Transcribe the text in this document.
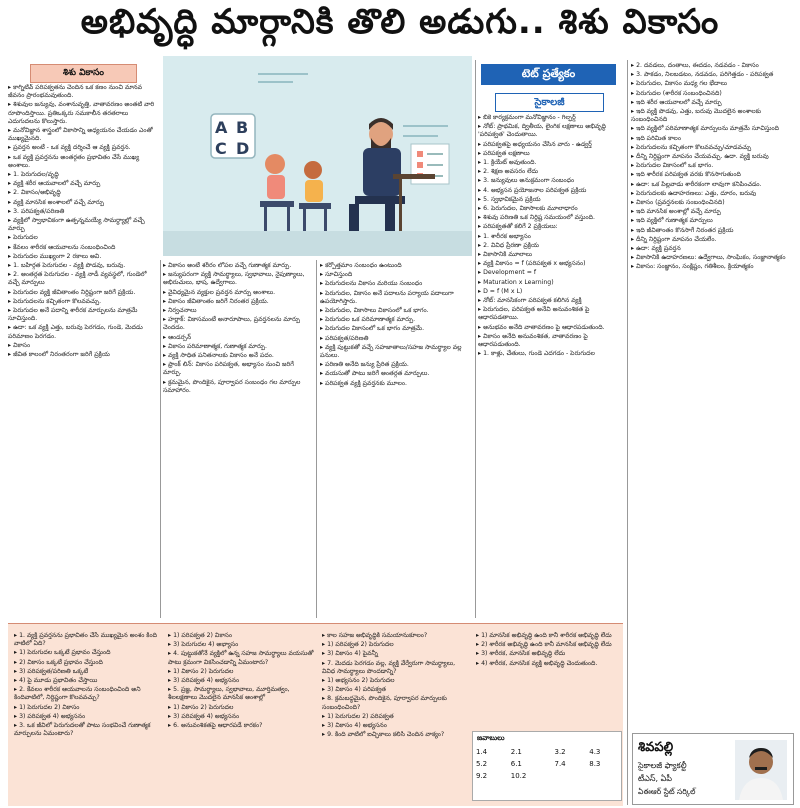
అభివృద్ధి మార్గానికి తొలి అడుగు.. శిశు వికాసం
శిశు వికాసం

▸ కాగ్నిటివ్ పరిపక్వతను చెందిన ఒక కణం నుంచి మానవ జీవనం ప్రారంభమవుతుంది.

▸ శిశువుల జన్యువు, వంశానువృత్తి, వాతావరణం అంతటి వారి రూపొందిస్తాయి. ప్రతిఒక్కరు సమకాలీన తరతరాలు ఎదుగుదలను కొలుస్తారు.

▸ మనోవిజ్ఞాన శాస్త్రంలో వికాసాన్ని అధ్యయనం చేయడం ఎంతో ముఖ్యమైనది.

▸ ప్రవర్తన అంటే - ఒక వ్యక్తి దర్శించే ఆ వ్యక్తి ప్రవర్తన.

▸ ఒక వ్యక్తి ప్రవర్తనను అంతర్గతం ప్రభావితం చేసే ముఖ్య అంశాలు.

▸ 1. పెరుగుదల/వృద్ధి

▸ వ్యక్తి శరీర ఆయవాలలో వచ్చే మార్పు

▸ 2. వికాసం/అభివృద్ధి

▸ వ్యక్తి మానసిక అంశాలలో వచ్చే మార్పు

▸ 3. పరిపక్వత/పరిణతి

▸ వ్యక్తిలో స్వాభావికంగా ఉత్పన్నమయ్యే సామర్థ్యాల్లో వచ్చే మార్పు

▸ పెరుగుదల

▸ కేవలం శారీరక ఆయవాలను సంబంధించింది

▸ పెరుగుదల ముఖ్యంగా 2 రకాలు అవి.

▸ 1. బహిర్గత పెరుగుదల - వ్యక్తి పొడవు, బరువు.

▸ 2. అంతర్గత పెరుగుదల - వ్యక్తి నాడీ వ్యవస్థలో, గుండెలో వచ్చే మార్పులు

▸ పెరుగుదల వ్యక్తి జీవితాంతం నిర్దిష్టంగా జరిగే ప్రక్రియ.

▸ పెరుగుదలను కచ్చితంగా కొలవవచ్చు.

▸ పెరుగుదల అనే పదాన్ని శారీరక మార్పులను మాత్రమే సూచిస్తుంది.

▸ ఉదా: ఒక వ్యక్తి ఎత్తు, బరువు పెరగడం, గుండె, మెదడు పరిమాణం పెరగడం.

▸ వికాసం

▸ జీవిత కాలంలో నిరంతరంగా జరిగే ప్రక్రియ

A B
C D

▸ వికాసం అంటే శరీరం లోపల వచ్చే గుణాత్మక మార్పు.

▸ జన్యుపరంగా వ్యక్తి సామర్థ్యాలు, స్వభావాలు, నైపుణ్యాలు, అభిరుచులు, భాష, ఉద్వేగాలు.

▸ వైవిధ్యమైన వ్యక్తుల ప్రవర్తన మార్పు అంశాలు.

▸ వికాసం జీవితాంతం జరిగే నిరంతర ప్రక్రియ.

▸ నిర్వచనాలు

▸ హర్లాక్: వికాసమంటే అనారూపాలు, ప్రవర్తనలను మార్పు చెందడం.

▸ ఆండర్సన్

▸ వికాసం పరిమాణాత్మక, గుణాత్మక మార్పు.

▸ వ్యక్తి సాధిత పనితనాలకు వికాసం అనే పదం.

▸ ఫ్రాంక్ లిన్: వికాసం పరిపక్వత, అభ్యాసం నుంచి జరిగే మార్పు.

▸ క్రమమైన, పొందికైన, పూర్వాపర సంబంధం గల మార్పుల సమాహారం.

▸ కర్పోత్తమాం సంబంధం ఉంటుంది

▸ సూచిస్తుంది

▸ పెరుగుదలను వికాసం మరియు సంబంధం

▸ పెరుగుదల, వికాసం అనే పదాలను పర్యాయ పదాలుగా ఉపయోగిస్తారు.

▸ పెరుగుదల, వికాసాలు వికాసంలో ఒక భాగం.

▸ పెరుగుదల ఒక పరిమాణాత్మక మార్పు.

▸ పెరుగుదల వికాసంలో ఒక భాగం మాత్రమే.

▸ పరిపక్వత/పరిణతి

▸ వ్యక్తి పుట్టుకతో వచ్చే సహజాతాలు/సహజ సామర్థ్యాల వల్ల పనులు.

▸ పరిణతి అనేది జన్యు ప్రేరిత ప్రక్రియ.

▸ వయసుతో పాటు జరిగే అంతర్గత మార్పులు.

▸ పరిపక్వత వ్యక్తి ప్రవర్తనకు మూలం.

టెట్ ప్రత్యేకం
సైకాలజీ

▸ బికె కార్యక్రమంగా మనోవిజ్ఞానం - గిల్ఫర్డ్

▸ నోట్: ప్రాథమిక, ద్వితీయ, లైంగిక లక్షణాలు అభివృద్ధి 'పరిపక్వత' చెందుతాయి.

▸ పరిపక్వతపై అధ్యయనం చేసిన వారు - ఉడ్వర్త్

▸ పరిపక్వత లక్షణాలు

▸ 1. క్రియేట్ అవుతుంది.

▸ 2. శిక్షణ అవసరం లేదు

▸ 3. జన్యువులు అనుక్రమంగా సంబంధం

▸ 4. అభ్యసన ప్రయోజనాల పరిపక్వత ప్రక్రియ

▸ 5. స్వభావికమైన ప్రక్రియ

▸ 6. పెరుగుదల, వికాసాలకు మూలాధారం

▸ శిశువు పరిణతి ఒక నిర్దిష్ట సమయంలో వస్తుంది.

▸ పరిపక్వతతో కలిగే 2 ప్రక్రియలు:

▸ 1. శారీరక అభ్యాసం

▸ 2. వివిధ ప్రేరణా ప్రక్రియ

▸ వికాసానికి మూలాలు

▸ వ్యక్తి వికాసం = f (పరిపక్వత x అభ్యసనం)

▸ Development = f

▸ Maturation x Learning)

▸ D = f (M x L)

▸ నోట్: మానసికంగా పరిపక్వత కలిగిన వ్యక్తి

▸ పెరుగుదల, పరిపక్వత అనేవి అనువంశికత పై ఆధారపడతాయి.

▸ అనుభవం అనేది వాతావరణం పై ఆధారపడుతుంది.

▸ వికాసం అనేది అనువంశికత, వాతావరణం పై ఆధారపడుతుంది.

▸ 1. కాళ్లు, చేతులు, గుండె ఎదగడం - పెరుగుదల

▸ 2. దవడలు, దంతాలు, ఈదడం, నడవడం - వికాసం

▸ 3. పాకడం, నిలబడటం, నడవడం, పరిగెత్తడం - పరిపక్వత

▸ పెరుగుదల, వికాసం మధ్య గల భేదాలు

▸ పెరుగుదల (శారీరక సంబంధించినది)

▸ ఇది శరీర ఆయవాలలో వచ్చే మార్పు

▸ ఇది వ్యక్తి పొడవు, ఎత్తు, బరువు మొదలైన అంశాలకు సంబంధించినది

▸ ఇది వ్యక్తిలో పరిమాణాత్మక మార్పులను మాత్రమే సూచిస్తుంది

▸ ఇది పరిమిత కాలం

▸ పెరుగుదలను కచ్చితంగా కొలవవచ్చు/చూడవచ్చు

▸ దీన్ని నిర్దిష్టంగా మాపనం చేయవచ్చు. ఉదా. వ్యక్తి బరువు

▸ పెరుగుదల వికాసంలో ఒక భాగం.

▸ ఇది శారీరక పరిపక్వత వరకు కొనసాగుతుంది

▸ ఉదా: ఒక పిల్లవాడు శారీరకంగా లావుగా కనిపించడం.

▸ పెరుగుదలకు ఉదాహరణలు: ఎత్తు, దూరం, బరువు

▸ వికాసం (ప్రవర్తనలకు సంబంధించినది)

▸ ఇది మానసిక అంశాల్లో వచ్చే మార్పు

▸ ఇది వ్యక్తిలో గుణాత్మక మార్పులు

▸ ఇది జీవితాంతం కొనసాగే నిరంతర ప్రక్రియ

▸ దీన్ని నిర్దిష్టంగా మాపనం చేయలేం.

▸ ఉదా: వ్యక్తి ప్రవర్తన

▸ వికాసానికి ఉదాహరణలు: ఉద్వేగాలు, సాంఘికం, సంజ్ఞానాత్మకం

▸ వికాసం: సంజ్ఞానం, సంక్లిష్టం, గతిశీలం, క్రియాత్మకం

▸ 1. వ్యక్తి ప్రవర్తనను ప్రభావితం చేసే ముఖ్యమైన అంశం కింది వాటిలో ఏది?

▸ 1) పెరుగుదల ఒక్కటే ప్రభావం చేస్తుంది

▸ 2) వికాసం ఒక్కటే ప్రభావం చేస్తుంది

▸ 3) పరిపక్వత/పరిణతి ఒక్కటే

▸ 4) పై మూడు ప్రభావితం చేస్తాయి

▸ 2. కేవలం శారీరక ఆయవాలను సంబంధించింది అని కిందివాటిలో, నిర్దిష్టంగా కొలవవచ్చు?

▸ 1) పెరుగుదల 2) వికాసం

▸ 3) పరిపక్వత 4) అభ్యసనం

▸ 3. ఒక జీవిలో పెరుగుదలతో పాటు సంభవించే గుణాత్మక మార్పులను ఏమంటారు?

▸ 1) పరిపక్వత 2) వికాసం

▸ 3) పెరుగుదల 4) అభ్యాసం

▸ 4. పుట్టుకతోనే వ్యక్తిలో ఉన్న సహజ సామర్థ్యాలు వయసుతో పాటు క్రమంగా వికసించడాన్ని ఏమంటారు?

▸ 1) వికాసం 2) పెరుగుదల

▸ 3) పరిపక్వత 4) అభ్యసనం

▸ 5. ప్రజ్ఞ, సామర్థ్యాలు, స్వభావాలు, మూర్తిమత్వం, శీలలక్షణాలు మొదలైన మానసిక అంశాల్లో

▸ 1) వికాసం 2) పెరుగుదల

▸ 3) పరిపక్వత 4) అభ్యసనం

▸ 6. అనువంశికతపై ఆధారపడే కారకం?

▸ కాల సహజ అభివృద్ధికి సమయానుకూలం?

▸ 1) పరిపక్వత 2) పెరుగుదల

▸ 3) వికాసం 4) పైవన్నీ

▸ 7. మెదడు పెరగడం వల్ల, వ్యక్తి వేర్వేరుగా సామర్థ్యాలు, వివిధ సామర్థ్యాలు పొందడాన్ని?

▸ 1) అభ్యసనం 2) పెరుగుదల

▸ 3) వికాసం 4) పరిపక్వత

▸ 8. క్రమబద్ధమైన, పొందికైన, పూర్వాపర మార్పులకు సంబంధించింది?

▸ 1) పెరుగుదల 2) పరిపక్వత

▸ 3) వికాసం 4) అభ్యసనం

▸ 9. కింది వాటిలో ఐచ్ఛికాలు కలిసి చెందిన వాక్యం?

▸ 1) మానసిక అభివృద్ధి ఉంది కానీ శారీరక అభివృద్ధి లేదు

▸ 2) శారీరక అభివృద్ధి ఉంది కానీ మానసిక అభివృద్ధి లేదు

▸ 3) శారీరక, మానసిక అభివృద్ధి లేదు

▸ 4) శారీరక, మానసిక వ్యక్తి అభివృద్ధి చెందుతుంది.

జవాబులు
1.4	2.1	3.2	4.3
5.2	6.1	7.4	8.3
9.2	10.2		
శివపల్లి
సైకాలజీ ఫ్యాకల్టీ
టీఎస్, ఏపీ
ఏఈఆర్ స్టేట్ సర్కిల్
